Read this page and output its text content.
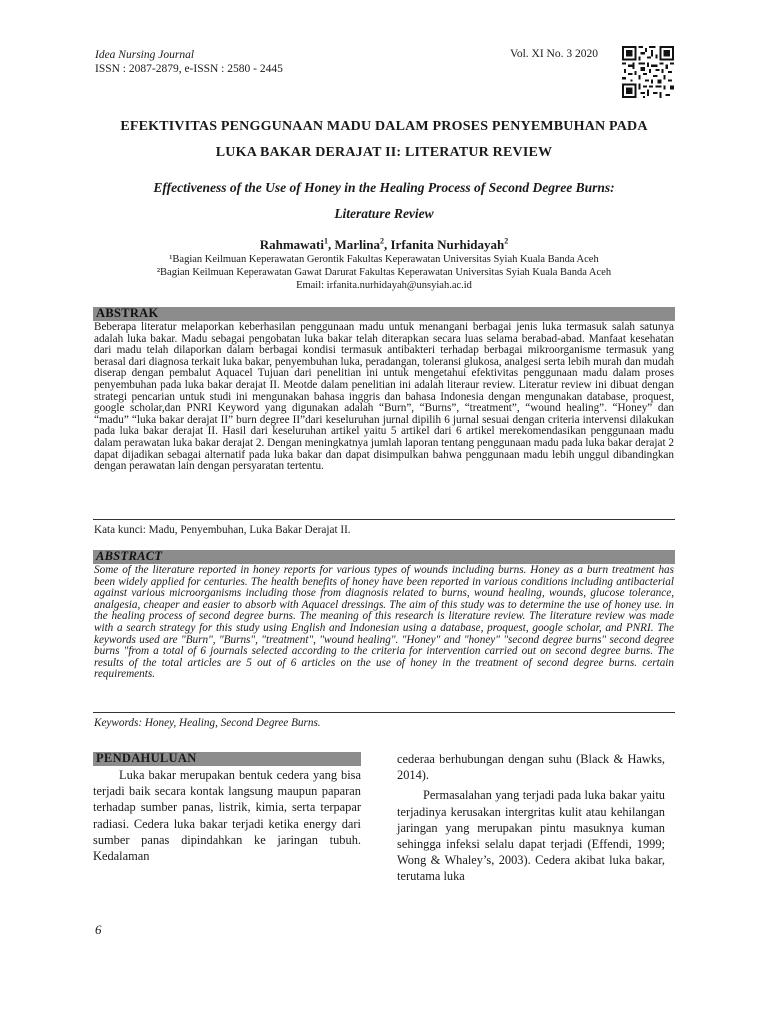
Idea Nursing Journal
ISSN : 2087-2879, e-ISSN : 2580 - 2445
Vol. XI No. 3 2020
EFEKTIVITAS PENGGUNAAN MADU DALAM PROSES PENYEMBUHAN PADA
LUKA BAKAR DERAJAT II: LITERATUR REVIEW
Effectiveness of the Use of Honey in the Healing Process of Second Degree Burns:
Literature Review
Rahmawati$^1$, Marlina$^2$, Irfanita Nurhidayah$^2$
¹Bagian Keilmuan Keperawatan Gerontik Fakultas Keperawatan Universitas Syiah Kuala Banda Aceh
²Bagian Keilmuan Keperawatan Gawat Darurat Fakultas Keperawatan Universitas Syiah Kuala Banda Aceh
Email: irfanita.nurhidayah@unsyiah.ac.id
ABSTRAK
Beberapa literatur melaporkan keberhasilan penggunaan madu untuk menangani berbagai jenis luka termasuk salah satunya adalah luka bakar. Madu sebagai pengobatan luka bakar telah diterapkan secara luas selama berabad-abad. Manfaat kesehatan dari madu telah dilaporkan dalam berbagai kondisi termasuk antibakteri terhadap berbagai mikroorganisme termasuk yang berasal dari diagnosa terkait luka bakar, penyembuhan luka, peradangan, toleransi glukosa, analgesi serta lebih murah dan mudah diserap dengan pembalut Aquacel Tujuan dari penelitian ini untuk mengetahui efektivitas penggunaan madu dalam proses penyembuhan pada luka bakar derajat II. Meotde dalam penelitian ini adalah literaur review. Literatur review ini dibuat dengan strategi pencarian untuk studi ini mengunakan bahasa inggris dan bahasa Indonesia dengan mengunakan database, proquest, google scholar,dan PNRI Keyword yang digunakan adalah “Burn”, “Burns”, “treatment”, “wound healing”. “Honey” dan “madu” “luka bakar derajat II” burn degree II”dari keseluruhan jurnal dipilih 6 jurnal sesuai dengan criteria intervensi dilakukan pada luka bakar derajat II. Hasil dari keseluruhan artikel yaitu 5 artikel dari 6 artikel merekomendasikan penggunaan madu dalam perawatan luka bakar derajat 2. Dengan meningkatnya jumlah laporan tentang penggunaan madu pada luka bakar derajat 2 dapat dijadikan sebagai alternatif pada luka bakar dan dapat disimpulkan bahwa penggunaan madu lebih unggul dibandingkan dengan perawatan lain dengan persyaratan tertentu.
Kata kunci: Madu, Penyembuhan, Luka Bakar Derajat II.
ABSTRACT
Some of the literature reported in honey reports for various types of wounds including burns. Honey as a burn treatment has been widely applied for centuries. The health benefits of honey have been reported in various conditions including antibacterial against various microorganisms including those from diagnosis related to burns, wound healing, wounds, glucose tolerance, analgesia, cheaper and easier to absorb with Aquacel dressings. The aim of this study was to determine the use of honey use. in the healing process of second degree burns. The meaning of this research is literature review. The literature review was made with a search strategy for this study using English and Indonesian using a database, proquest, google scholar, and PNRI. The keywords used are "Burn", "Burns", "treatment", "wound healing". "Honey" and "honey" "second degree burns" second degree burns "from a total of 6 journals selected according to the criteria for intervention carried out on second degree burns. The results of the total articles are 5 out of 6 articles on the use of honey in the treatment of second degree burns. certain requirements.
Keywords: Honey, Healing, Second Degree Burns.
PENDAHULUAN

Luka bakar merupakan bentuk cedera yang bisa terjadi baik secara kontak langsung maupun paparan terhadap sumber panas, listrik, kimia, serta terpapar radiasi. Cedera luka bakar terjadi ketika energy dari sumber panas dipindahkan ke jaringan tubuh. Kedalaman

cederaa berhubungan dengan suhu (Black & Hawks, 2014).

Permasalahan yang terjadi pada luka bakar yaitu terjadinya kerusakan intergritas kulit atau kehilangan jaringan yang merupakan pintu masuknya kuman sehingga infeksi selalu dapat terjadi (Effendi, 1999; Wong & Whaley’s, 2003). Cedera akibat luka bakar, terutama luka

6
